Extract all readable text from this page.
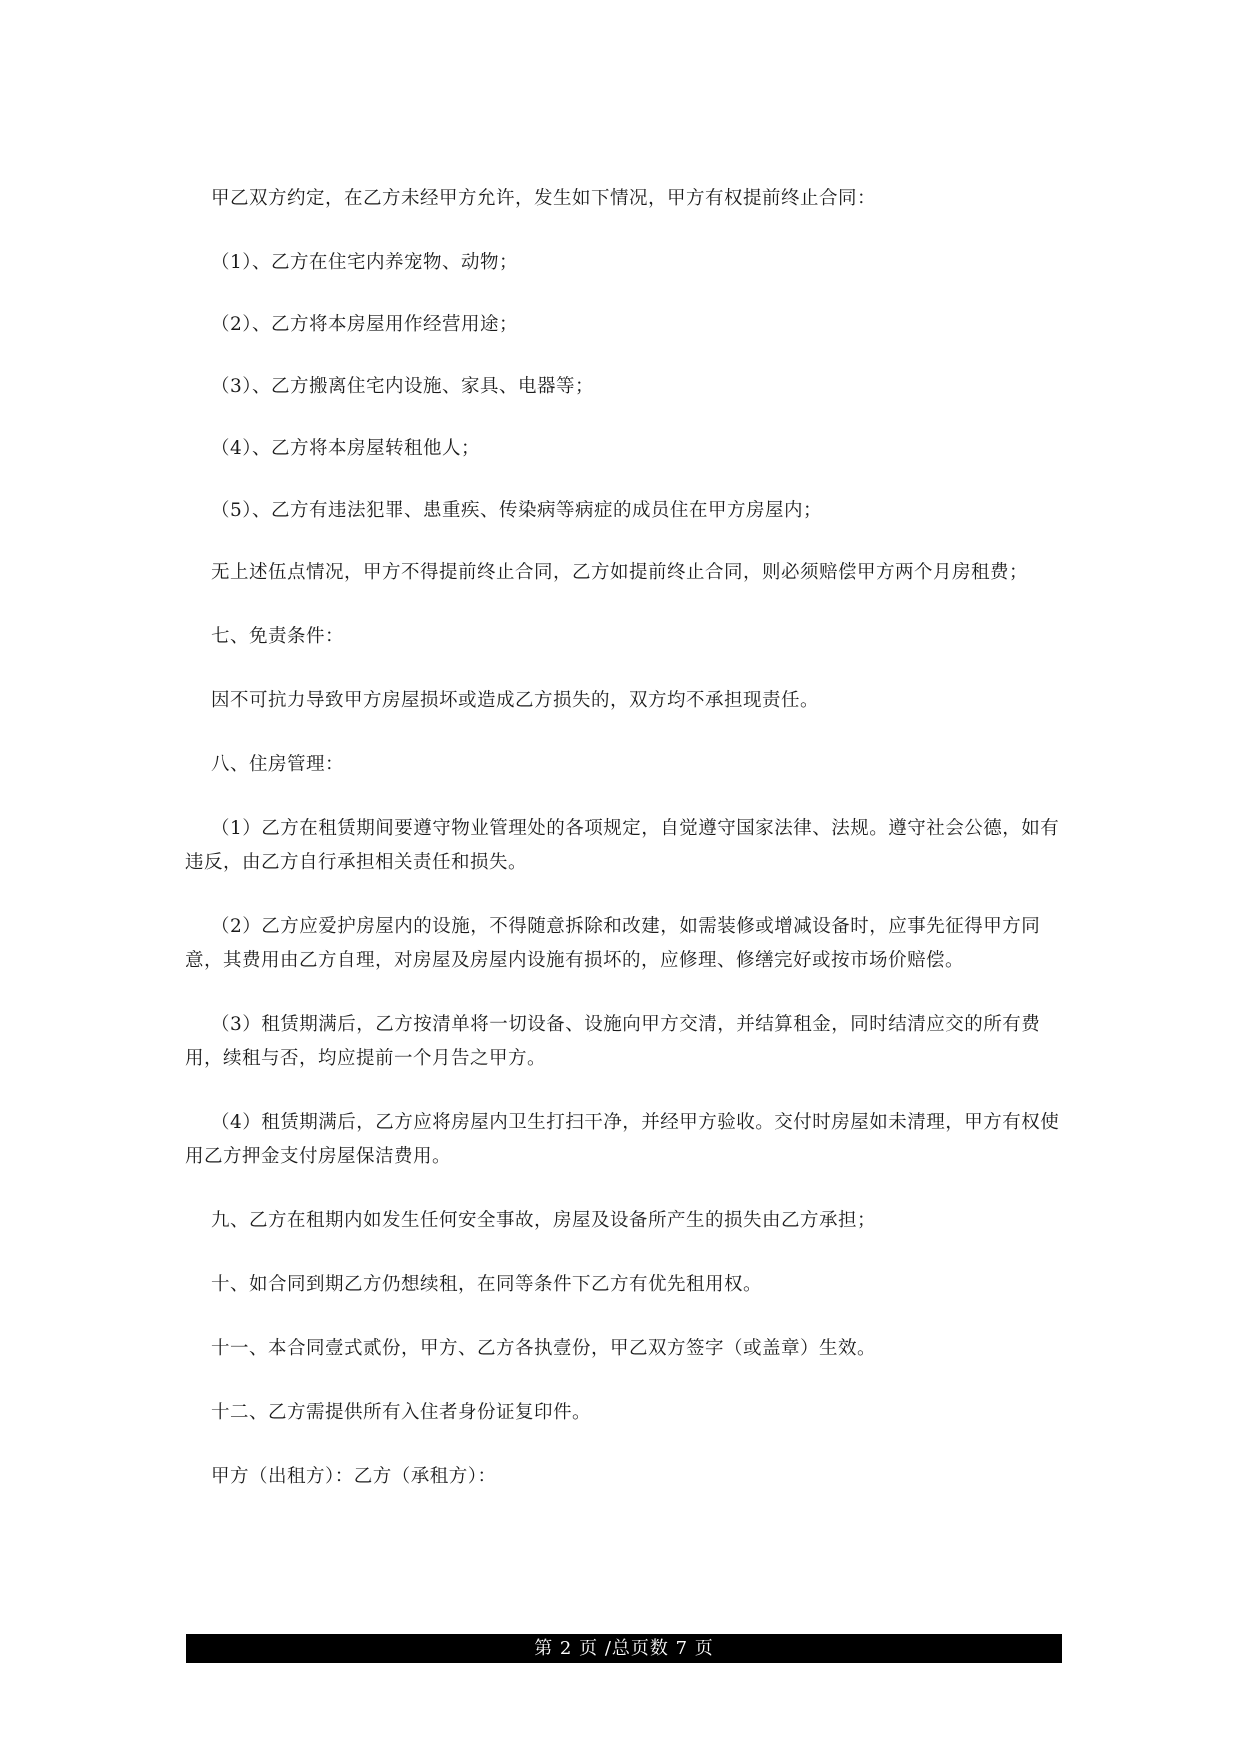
甲乙双方约定，在乙方未经甲方允许，发生如下情况，甲方有权提前终止合同：

（1）、乙方在住宅内养宠物、动物；

（2）、乙方将本房屋用作经营用途；

（3）、乙方搬离住宅内设施、家具、电器等；

（4）、乙方将本房屋转租他人；

（5）、乙方有违法犯罪、患重疾、传染病等病症的成员住在甲方房屋内；

无上述伍点情况，甲方不得提前终止合同，乙方如提前终止合同，则必须赔偿甲方两个月房租费；

七、免责条件：

因不可抗力导致甲方房屋损坏或造成乙方损失的，双方均不承担现责任。

八、住房管理：

（1）乙方在租赁期间要遵守物业管理处的各项规定，自觉遵守国家法律、法规。遵守社会公德，如有违反，由乙方自行承担相关责任和损失。

（2）乙方应爱护房屋内的设施，不得随意拆除和改建，如需装修或增减设备时，应事先征得甲方同意，其费用由乙方自理，对房屋及房屋内设施有损坏的，应修理、修缮完好或按市场价赔偿。

（3）租赁期满后，乙方按清单将一切设备、设施向甲方交清，并结算租金，同时结清应交的所有费用，续租与否，均应提前一个月告之甲方。

（4）租赁期满后，乙方应将房屋内卫生打扫干净，并经甲方验收。交付时房屋如未清理，甲方有权使用乙方押金支付房屋保洁费用。

九、乙方在租期内如发生任何安全事故，房屋及设备所产生的损失由乙方承担；

十、如合同到期乙方仍想续租，在同等条件下乙方有优先租用权。

十一、本合同壹式贰份，甲方、乙方各执壹份，甲乙双方签字（或盖章）生效。

十二、乙方需提供所有入住者身份证复印件。

甲方（出租方）：乙方（承租方）：

第 2 页 /总页数 7 页
